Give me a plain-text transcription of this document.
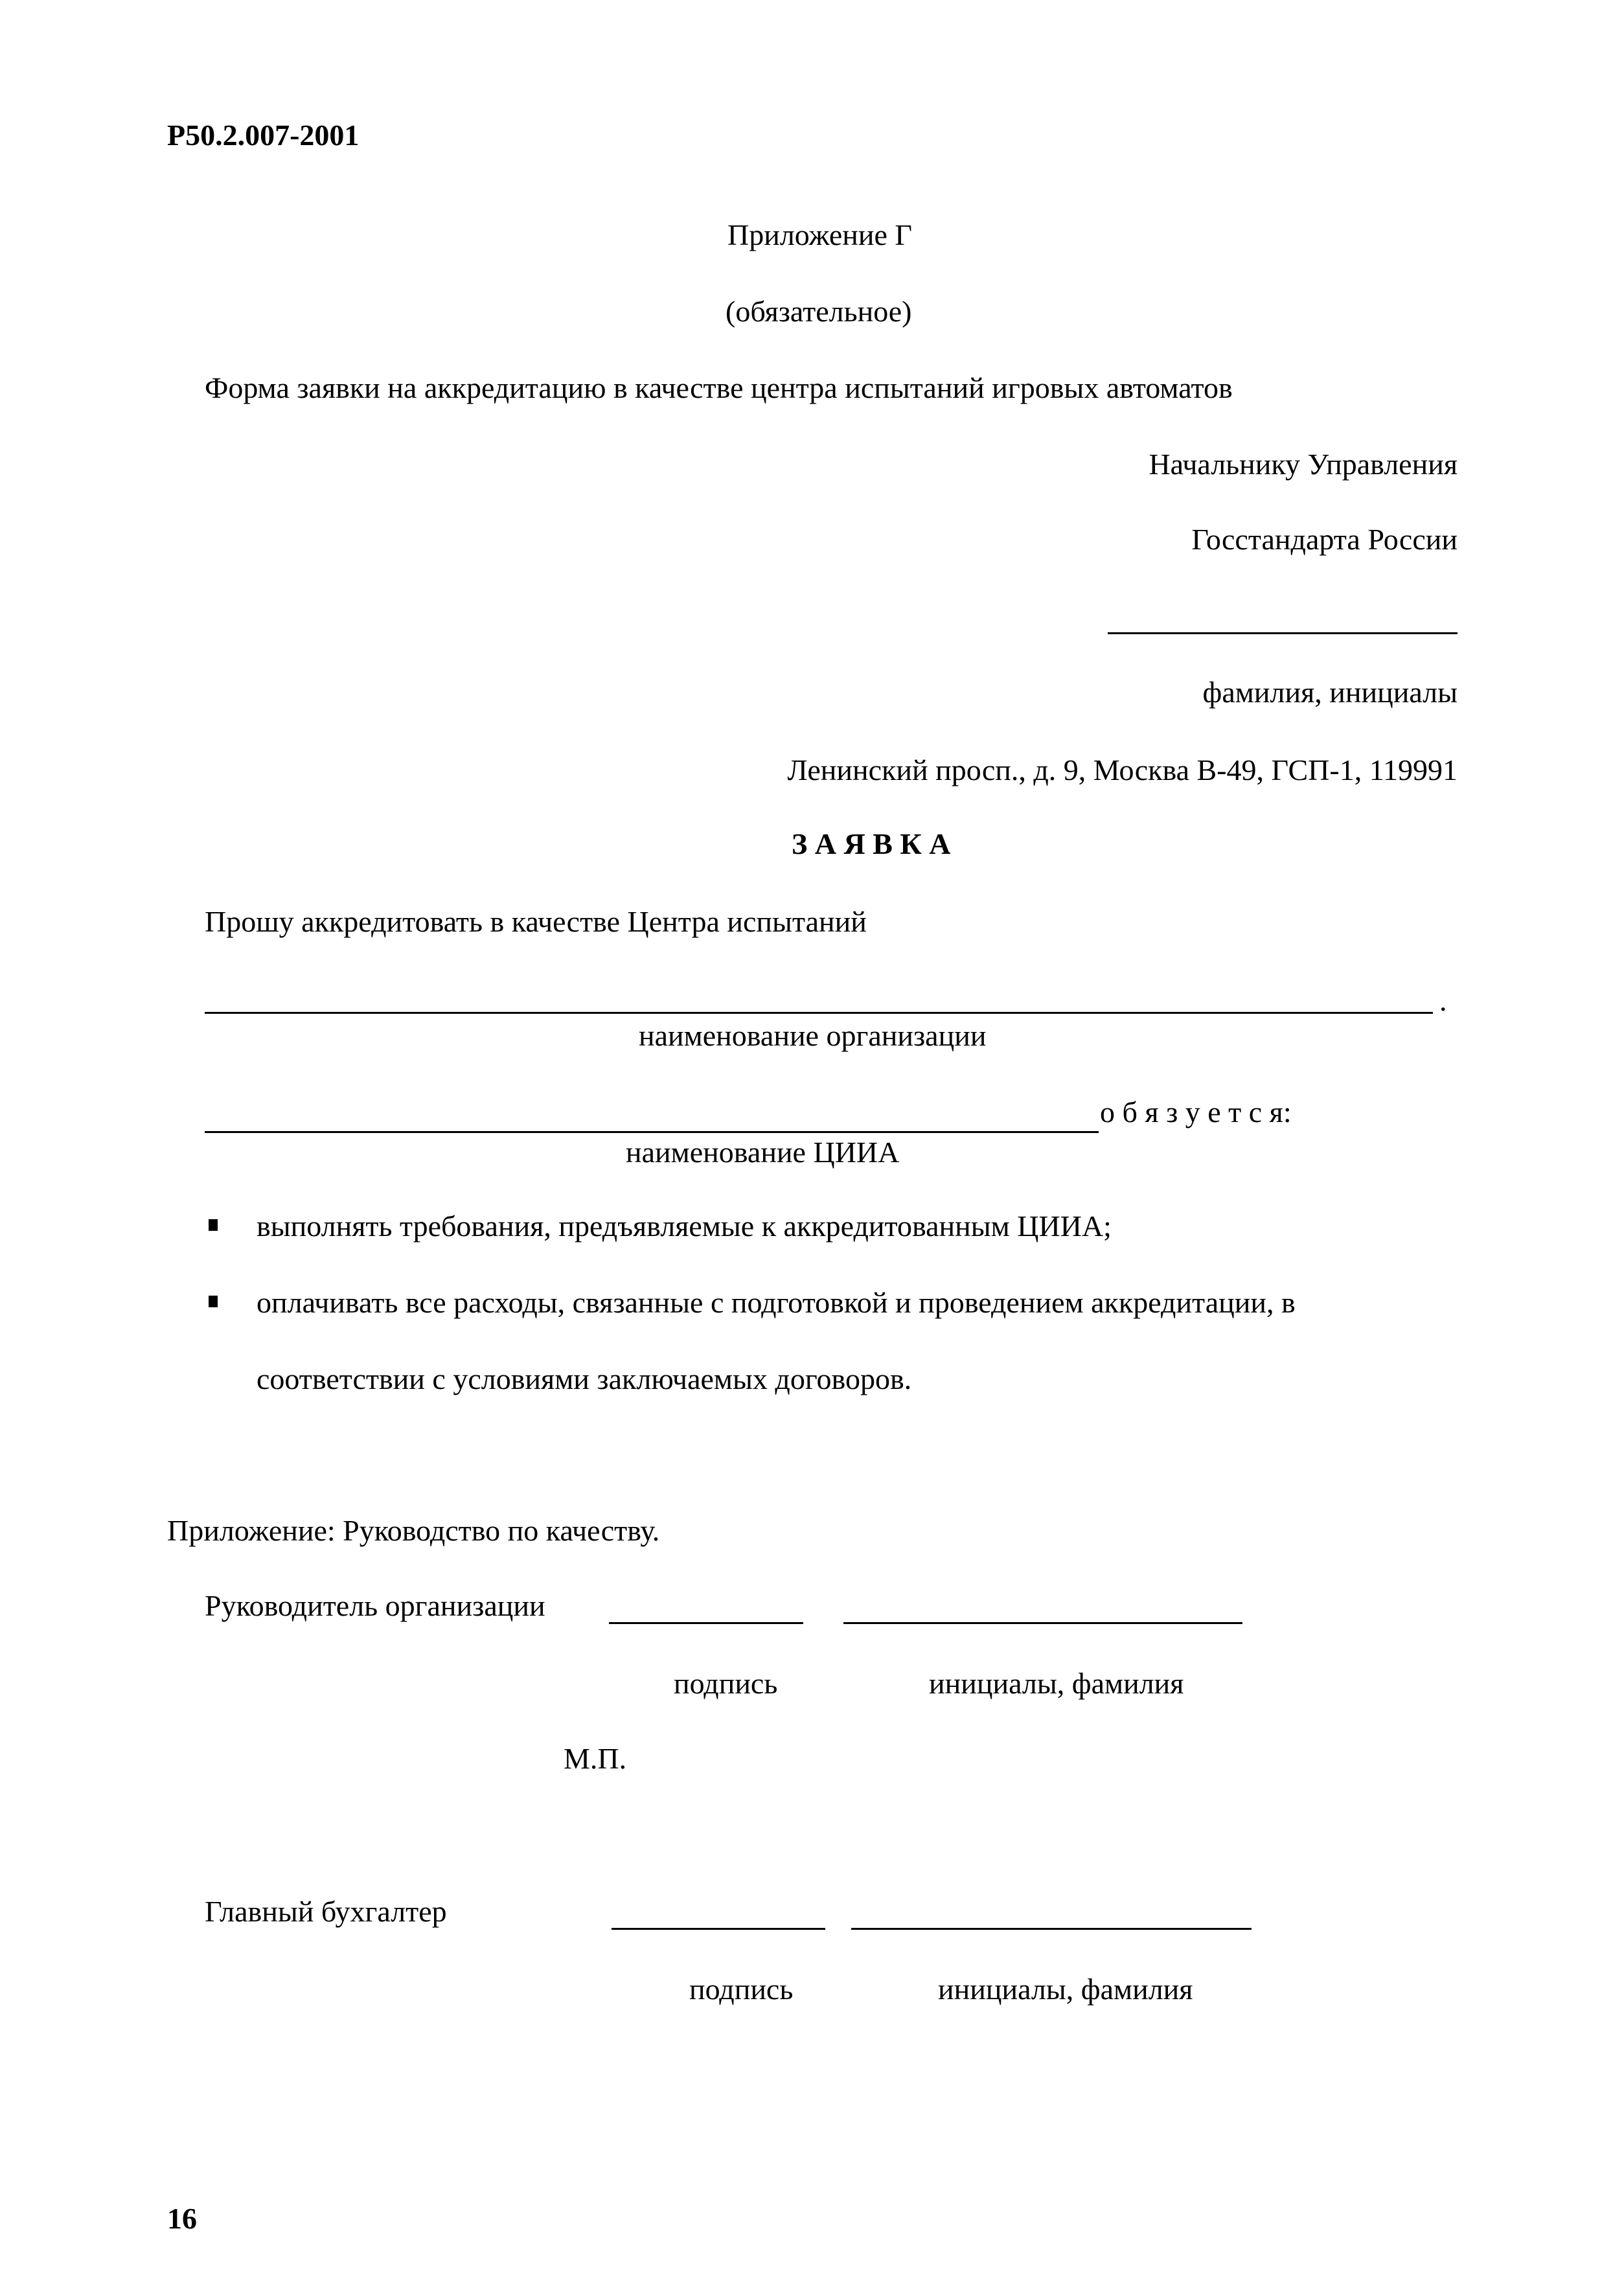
Р50.2.007-2001
Приложение Г
(обязательное)
Форма заявки на аккредитацию в качестве центра испытаний игровых автоматов
Начальнику Управления
Госстандарта России
фамилия, инициалы
Ленинский просп., д. 9, Москва В-49, ГСП-1, 119991
З А Я В К А
Прошу аккредитовать в качестве Центра испытаний
.
наименование организации
о б я з у е т с я:
наименование ЦИИА
выполнять требования, предъявляемые к аккредитованным ЦИИА;
оплачивать все расходы, связанные с подготовкой и проведением аккредитации, в
соответствии с условиями заключаемых договоров.
Приложение: Руководство по качеству.
Руководитель организации
подпись	инициалы, фамилия
М.П.
Главный бухгалтер
подпись	инициалы, фамилия
16
